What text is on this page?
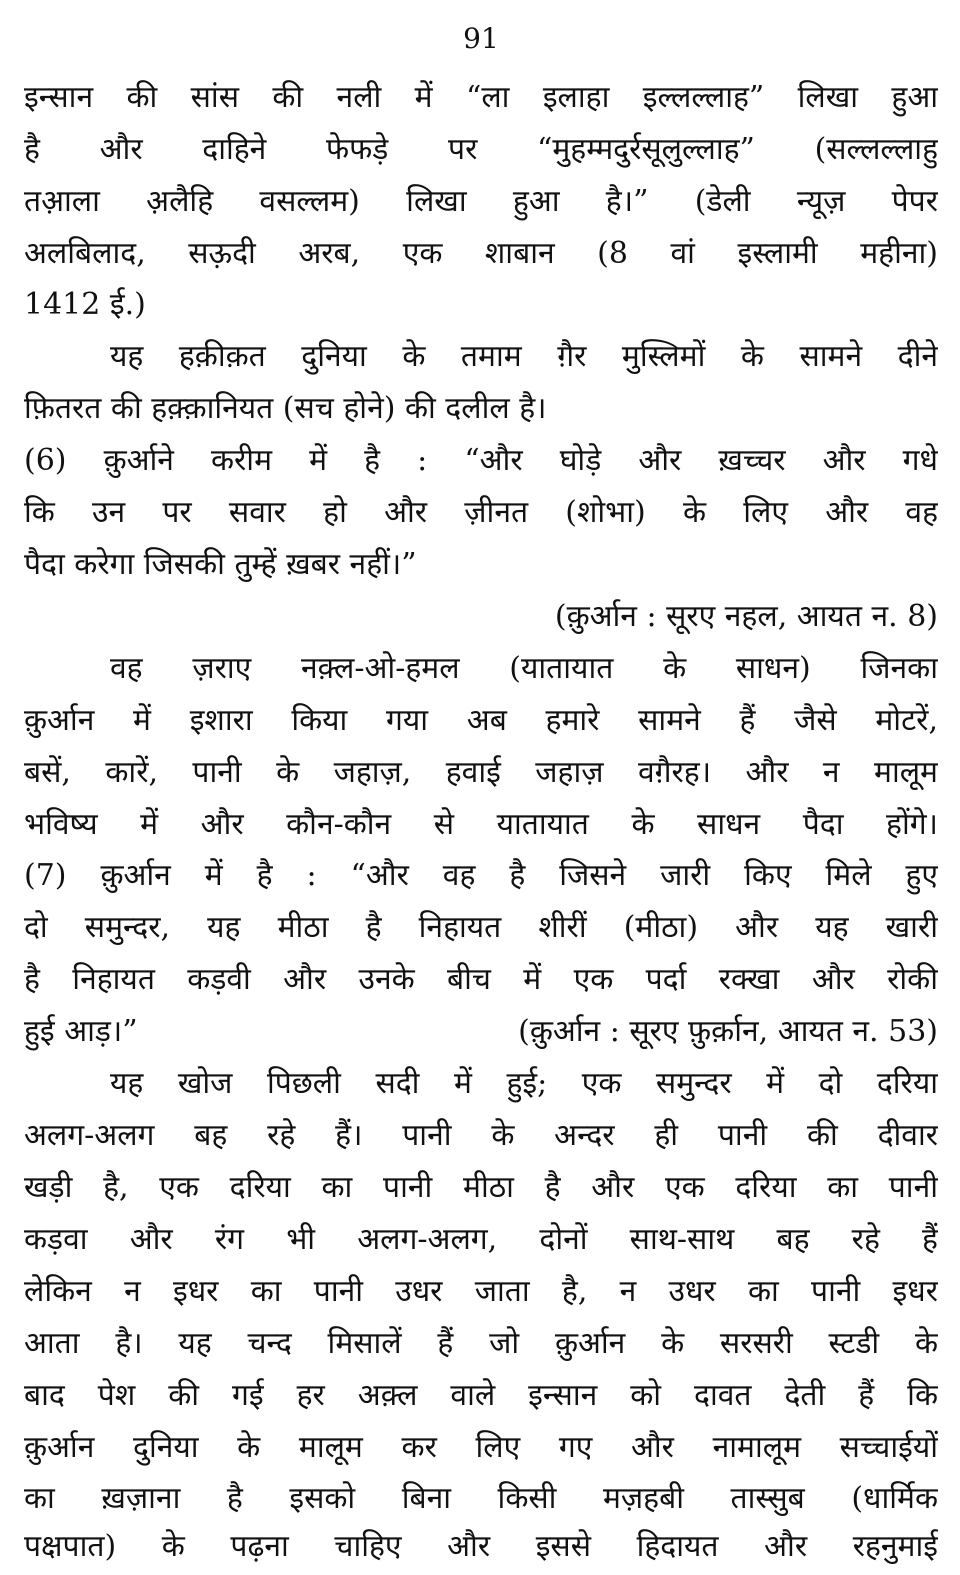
91
इन्सान की सांस की नली में “ला इलाहा इल्लल्लाह” लिखा हुआ
है और दाहिने फेफड़े पर “मुहम्मदुर्रसूलुल्लाह” (सल्लल्लाहु
तआ़ला अ़लैहि वसल्लम) लिखा हुआ है।” (डेली न्यूज़ पेपर
अलबिलाद, सऊ़दी अरब, एक शाबान (8 वां इस्लामी महीना)
1412 ई.)
यह हक़ीक़त दुनिया के तमाम ग़ैर मुस्लिमों के सामने दीने
फ़ितरत की हक़्क़ानियत (सच होने) की दलील है।
(6) क़ुर्आने करीम में है : “और घोड़े और ख़च्चर और गधे
कि उन पर सवार हो और ज़ीनत (शोभा) के लिए और वह
पैदा करेगा जिसकी तुम्हें ख़बर नहीं।”
(क़ुर्आन : सूरए नहल, आयत न. 8)
वह ज़राए नक़्ल-ओ-हमल (यातायात के साधन) जिनका
क़ुर्आन में इशारा किया गया अब हमारे सामने हैं जैसे मोटरें,
बसें, कारें, पानी के जहाज़, हवाई जहाज़ वग़ैरह। और न मालूम
भविष्य में और कौन-कौन से यातायात के साधन पैदा होंगे।
(7) क़ुर्आन में है : “और वह है जिसने जारी किए मिले हुए
दो समुन्दर, यह मीठा है निहायत शीरीं (मीठा) और यह खारी
है निहायत कड़वी और उनके बीच में एक पर्दा रक्खा और रोकी
हुई आड़।”	(क़ुर्आन : सूरए फ़ुर्क़ान, आयत न. 53)
यह खोज पिछली सदी में हुई; एक समुन्दर में दो दरिया
अलग-अलग बह रहे हैं। पानी के अन्दर ही पानी की दीवार
खड़ी है, एक दरिया का पानी मीठा है और एक दरिया का पानी
कड़वा और रंग भी अलग-अलग, दोनों साथ-साथ बह रहे हैं
लेकिन न इधर का पानी उधर जाता है, न उधर का पानी इधर
आता है। यह चन्द मिसालें हैं जो क़ुर्आन के सरसरी स्टडी के
बाद पेश की गई हर अक़्ल वाले इन्सान को दावत देती हैं कि
क़ुर्आन दुनिया के मालूम कर लिए गए और नामालूम सच्चाईयों
का ख़ज़ाना है इसको बिना किसी मज़हबी तास्सुब (धार्मिक
पक्षपात) के पढ़ना चाहिए और इससे हिदायत और रहनुमाई
